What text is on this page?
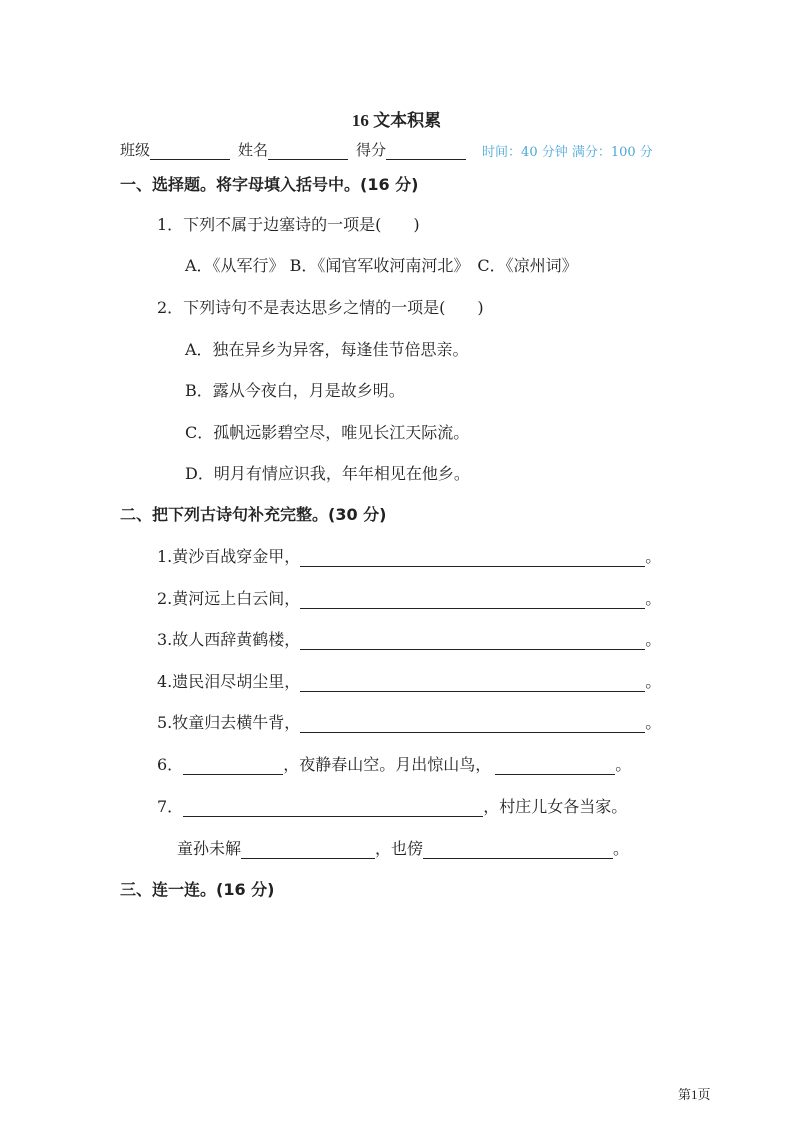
16 文本积累
班级	姓名	得分	时间：40 分钟 满分：100 分
一、选择题。将字母填入括号中。(16 分)
1．下列不属于边塞诗的一项是(　　)
A．《从军行》 B．《闻官军收河南河北》　C．《凉州词》
2．下列诗句不是表达思乡之情的一项是(　　)
A．独在异乡为异客，每逢佳节倍思亲。
B．露从今夜白，月是故乡明。
C．孤帆远影碧空尽，唯见长江天际流。
D．明月有情应识我，年年相见在他乡。
二、把下列古诗句补充完整。(30 分)
1.黄沙百战穿金甲，	。
2.黄河远上白云间，	。
3.故人西辞黄鹤楼，	。
4.遗民泪尽胡尘里，	。
5.牧童归去横牛背，	。
6．	，夜静春山空。月出惊山鸟，	。
7．	，村庄儿女各当家。
童孙未解	，也傍	。
三、连一连。(16 分)
第1页
